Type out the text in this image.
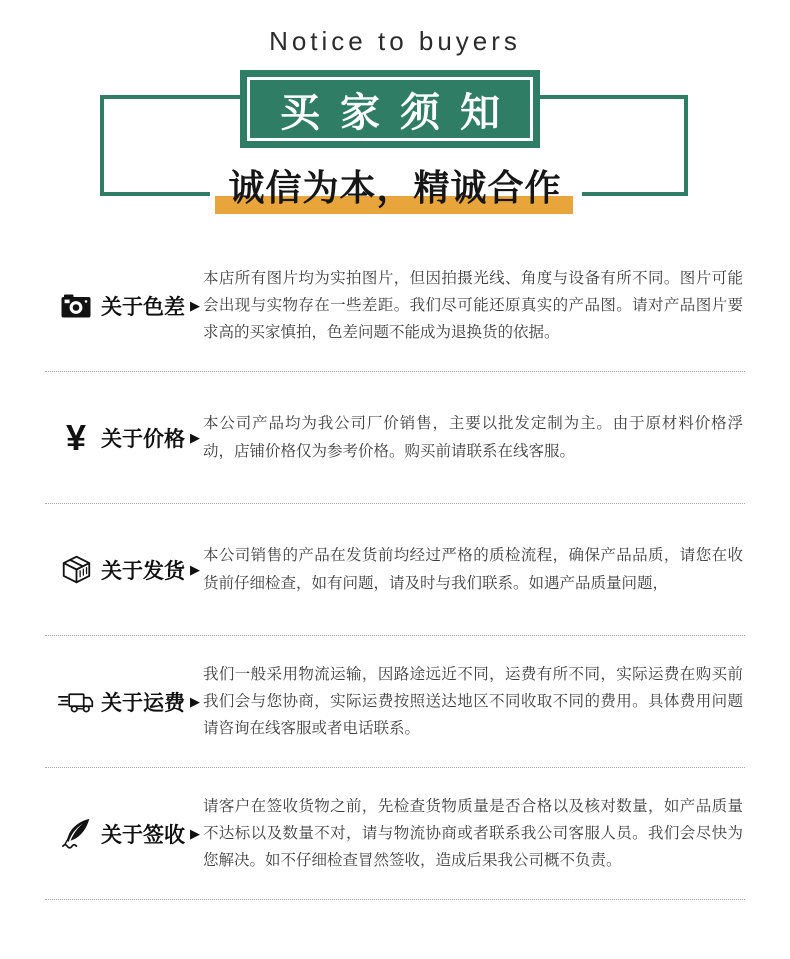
Notice to buyers
买家须知
诚信为本，精诚合作
关于色差 ▶
本店所有图片均为实拍图片，但因拍摄光线、角度与设备有所不同。图片可能会出现与实物存在一些差距。我们尽可能还原真实的产品图。请对产品图片要求高的买家慎拍，色差问题不能成为退换货的依据。
¥ 关于价格 ▶
本公司产品均为我公司厂价销售，主要以批发定制为主。由于原材料价格浮动，店铺价格仅为参考价格。购买前请联系在线客服。
关于发货 ▶
本公司销售的产品在发货前均经过严格的质检流程，确保产品品质，请您在收货前仔细检查，如有问题，请及时与我们联系。如遇产品质量问题，
关于运费 ▶
我们一般采用物流运输，因路途远近不同，运费有所不同，实际运费在购买前我们会与您协商，实际运费按照送达地区不同收取不同的费用。具体费用问题请咨询在线客服或者电话联系。
关于签收 ▶
请客户在签收货物之前，先检查货物质量是否合格以及核对数量，如产品质量不达标以及数量不对，请与物流协商或者联系我公司客服人员。我们会尽快为您解决。如不仔细检查冒然签收，造成后果我公司概不负责。
